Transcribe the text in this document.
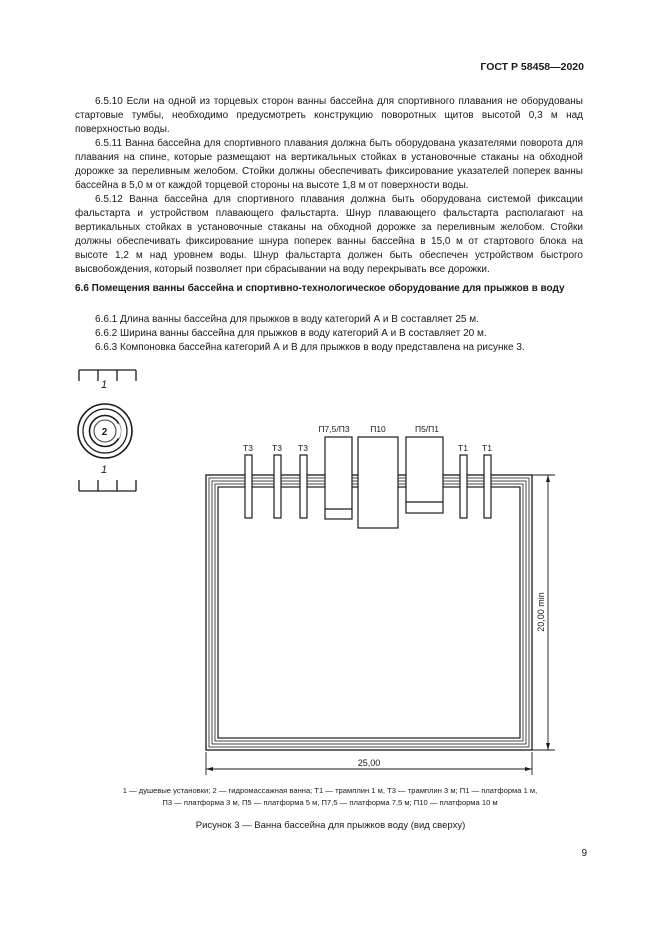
ГОСТ Р 58458—2020

6.5.10 Если на одной из торцевых сторон ванны бассейна для спортивного плавания не оборудованы стартовые тумбы, необходимо предусмотреть конструкцию поворотных щитов высотой 0,3 м над поверхностью воды.

6.5.11 Ванна бассейна для спортивного плавания должна быть оборудована указателями поворота для плавания на спине, которые размещают на вертикальных стойках в установочные стаканы на обходной дорожке за переливным желобом. Стойки должны обеспечивать фиксирование указателей поперек ванны бассейна в 5,0 м от каждой торцевой стороны на высоте 1,8 м от поверхности воды.

6.5.12 Ванна бассейна для спортивного плавания должна быть оборудована системой фиксации фальстарта и устройством плавающего фальстарта. Шнур плавающего фальстарта располагают на вертикальных стойках в установочные стаканы на обходной дорожке за переливным желобом. Стойки должны обеспечивать фиксирование шнура поперек ванны бассейна в 15,0 м от стартового блока на высоте 1,2 м над уровнем воды. Шнур фальстарта должен быть обеспечен устройством быстрого высвобождения, который позволяет при сбрасывании на воду перекрывать все дорожки.

6.6 Помещения ванны бассейна и спортивно-технологическое оборудование для прыжков в воду

6.6.1 Длина ванны бассейна для прыжков в воду категорий А и В составляет 25 м.
6.6.2 Ширина ванны бассейна для прыжков в воду категорий А и В составляет 20 м.
6.6.3 Компоновка бассейна категорий А и В для прыжков в воду представлена на рисунке 3.
1
2
1
Т3 Т3 Т3	Т1 Т1
П7,5/П3 П10	П5/П1
25,00
20,00 min
1 — душевые установки; 2 — гидромассажная ванна; Т1 — трамплин 1 м, Т3 — трамплин 3 м; П1 — платформа 1 м,
П3 — платформа 3 м, П5 — платформа 5 м, П7,5 — платформа 7,5 м; П10 — платформа 10 м
Рисунок 3 — Ванна бассейна для прыжков воду (вид сверху)
9
